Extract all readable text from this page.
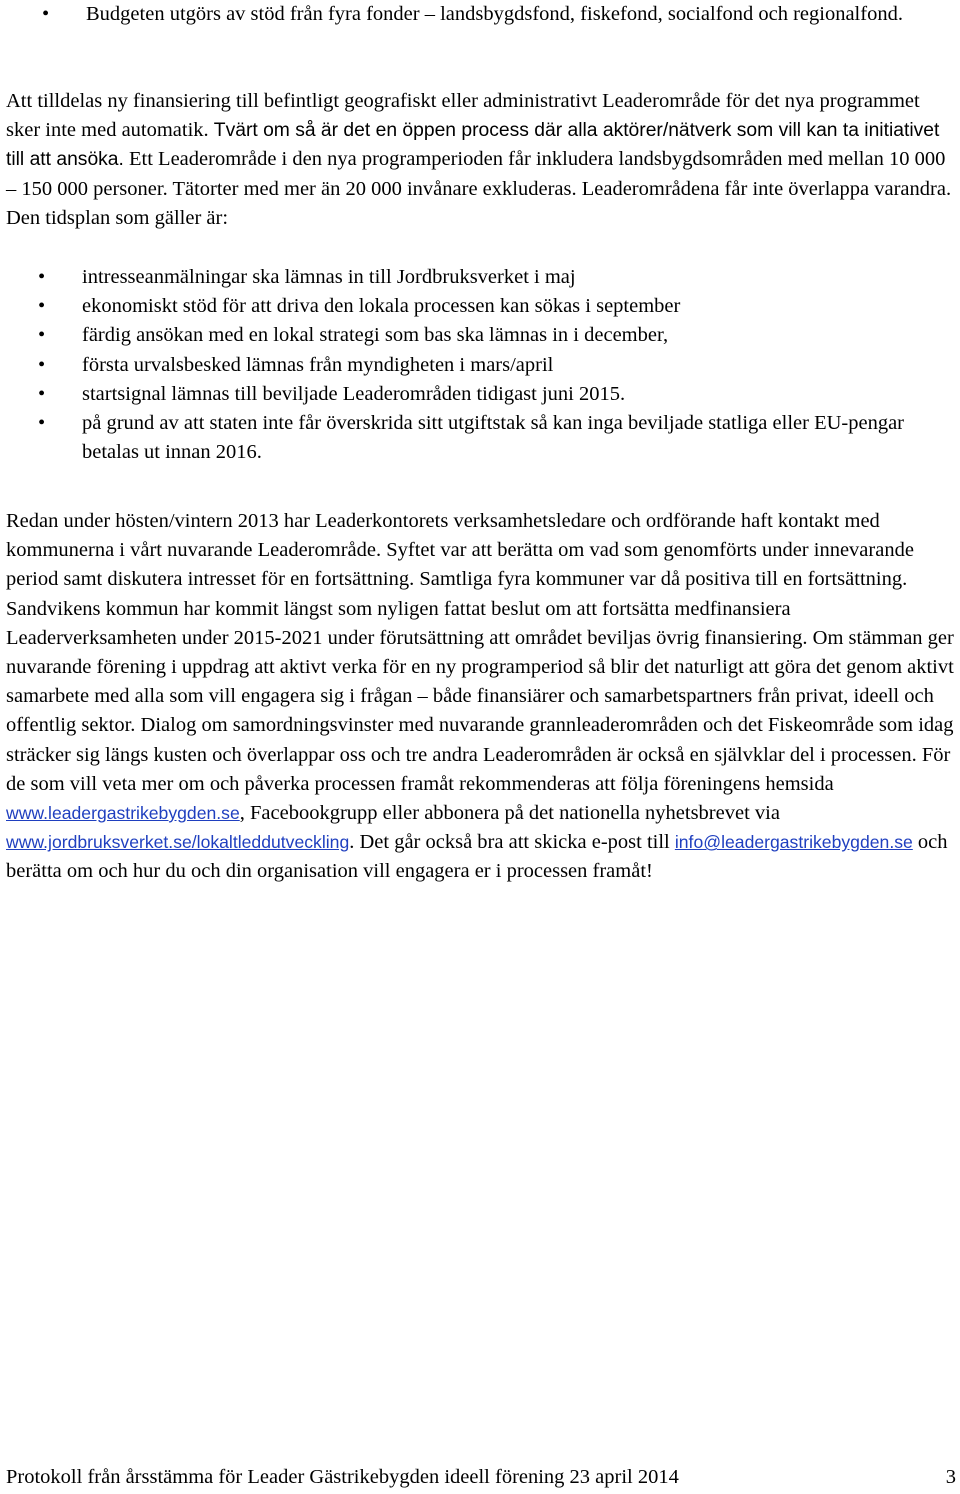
•	Budgeten utgörs av stöd från fyra fonder – landsbygdsfond, fiskefond, socialfond och regionalfond.

Att tilldelas ny finansiering till befintligt geografiskt eller administrativt Leaderområde för det nya programmet sker inte med automatik. Tvärt om så är det en öppen process där alla aktörer/nätverk som vill kan ta initiativet till att ansöka. Ett Leaderområde i den nya programperioden får inkludera landsbygdsområden med mellan 10 000 – 150 000 personer. Tätorter med mer än 20 000 invånare exkluderas. Leaderområdena får inte överlappa varandra. Den tidsplan som gäller är:

•	intresseanmälningar ska lämnas in till Jordbruksverket i maj
•	ekonomiskt stöd för att driva den lokala processen kan sökas i september
•	färdig ansökan med en lokal strategi som bas ska lämnas in i december,
•	första urvalsbesked lämnas från myndigheten i mars/april
•	startsignal lämnas till beviljade Leaderområden tidigast juni 2015.
•	på grund av att staten inte får överskrida sitt utgiftstak så kan inga beviljade statliga eller EU-pengar betalas ut innan 2016.

Redan under hösten/vintern 2013 har Leaderkontorets verksamhetsledare och ordförande haft kontakt med kommunerna i vårt nuvarande Leaderområde. Syftet var att berätta om vad som genomförts under innevarande period samt diskutera intresset för en fortsättning. Samtliga fyra kommuner var då positiva till en fortsättning. Sandvikens kommun har kommit längst som nyligen fattat beslut om att fortsätta medfinansiera Leaderverksamheten under 2015-2021 under förutsättning att området beviljas övrig finansiering. Om stämman ger nuvarande förening i uppdrag att aktivt verka för en ny programperiod så blir det naturligt att göra det genom aktivt samarbete med alla som vill engagera sig i frågan – både finansiärer och samarbetspartners från privat, ideell och offentlig sektor. Dialog om samordningsvinster med nuvarande grannleaderområden och det Fiskeområde som idag sträcker sig längs kusten och överlappar oss och tre andra Leaderområden är också en självklar del i processen. För de som vill veta mer om och påverka processen framåt rekommenderas att följa föreningens hemsida www.leadergastrikebygden.se, Facebookgrupp eller abbonera på det nationella nyhetsbrevet via www.jordbruksverket.se/lokaltleddutveckling. Det går också bra att skicka e-post till info@leadergastrikebygden.se och berätta om och hur du och din organisation vill engagera er i processen framåt!

Protokoll från årsstämma för Leader Gästrikebygden ideell förening 23 april 2014	3
